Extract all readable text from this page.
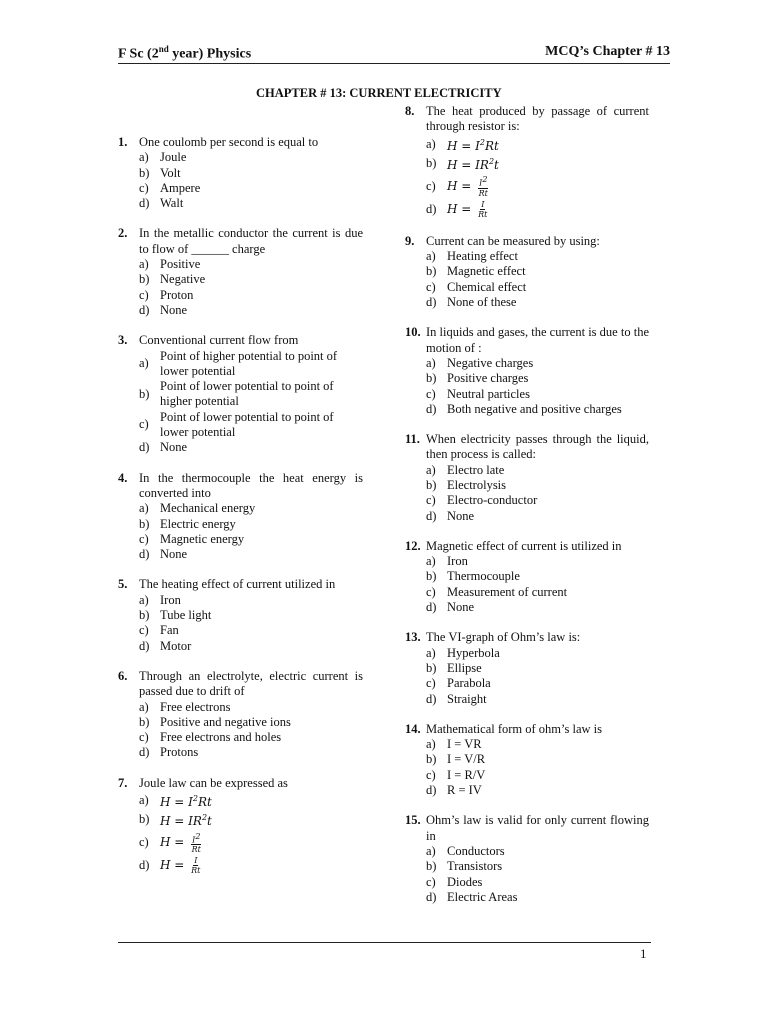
F Sc (2nd year) Physics	MCQ’s Chapter # 13
CHAPTER # 13: CURRENT ELECTRICITY
1. One coulomb per second is equal to
a) Joule
b) Volt
c) Ampere
d) Walt
2. In the metallic conductor the current is due to flow of ______ charge
a) Positive
b) Negative
c) Proton
d) None
3. Conventional current flow from
a)
Point of higher potential to point of lower potential
b)
Point of lower potential to point of higher potential
c)
Point of lower potential to point of lower potential
d) None
4. In the thermocouple the heat energy is converted into
a) Mechanical energy
b) Electric energy
c) Magnetic energy
d) None
5. The heating effect of current utilized in
a) Iron
b) Tube light
c) Fan
d) Motor
6. Through an electrolyte, electric current is passed due to drift of
a) Free electrons
b) Positive and negative ions
c) Free electrons and holes
d) Protons
7. Joule law can be expressed as
a) $H = I^2Rt$
b) $H = IR^2t$
c) $H = \frac{I^2}{Rt}$
d) $H = \frac{I}{Rt}$
8. The heat produced by passage of current through resistor is:
a) $H = I^2Rt$
b) $H = IR^2t$
c) $H = \frac{I^2}{Rt}$
d) $H = \frac{I}{Rt}$
9. Current can be measured by using:
a) Heating effect
b) Magnetic effect
c) Chemical effect
d) None of these
10. In liquids and gases, the current is due to the motion of :
a) Negative charges
b) Positive charges
c) Neutral particles
d) Both negative and positive charges
11. When electricity passes through the liquid, then process is called:
a) Electro late
b) Electrolysis
c) Electro-conductor
d) None
12. Magnetic effect of current is utilized in
a) Iron
b) Thermocouple
c) Measurement of current
d) None
13. The VI-graph of Ohm’s law is:
a) Hyperbola
b) Ellipse
c) Parabola
d) Straight
14. Mathematical form of ohm’s law is
a) I = VR
b) I = V/R
c) I = R/V
d) R = IV
15. Ohm’s law is valid for only current flowing in
a) Conductors
b) Transistors
c) Diodes
d) Electric Areas
1
